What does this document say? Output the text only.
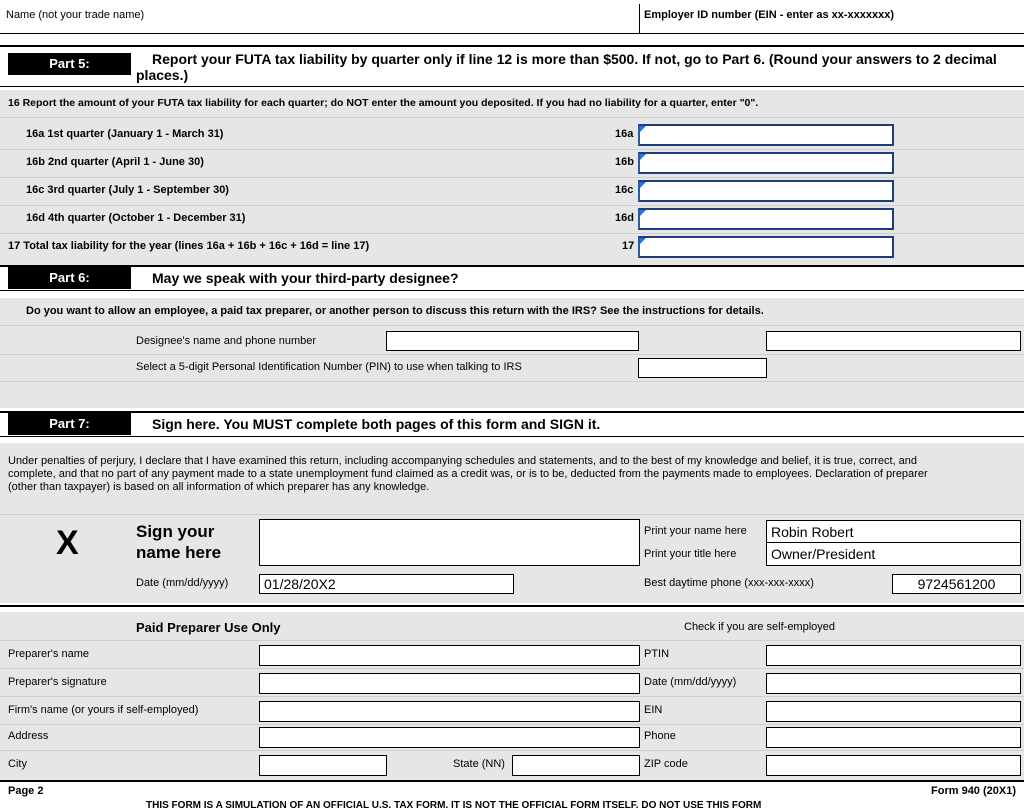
Name (not your trade name)	Employer ID number (EIN - enter as xx-xxxxxxx)
Part 5:	Report your FUTA tax liability by quarter only if line 12 is more than $500. If not, go to Part 6. (Round your answers to 2 decimal
places.)
16 Report the amount of your FUTA tax liability for each quarter; do NOT enter the amount you deposited. If you had no liability for a quarter, enter "0".
16a 1st quarter (January 1 - March 31)	16a
16b 2nd quarter (April 1 - June 30)	16b
16c 3rd quarter (July 1 - September 30)	16c
16d 4th quarter (October 1 - December 31)	16d
17 Total tax liability for the year (lines 16a + 16b + 16c + 16d = line 17)	17
Part 6:	May we speak with your third-party designee?
Do you want to allow an employee, a paid tax preparer, or another person to discuss this return with the IRS? See the instructions for details.
Designee's name and phone number
Select a 5-digit Personal Identification Number (PIN) to use when talking to IRS
Part 7:	Sign here. You MUST complete both pages of this form and SIGN it.
Under penalties of perjury, I declare that I have examined this return, including accompanying schedules and statements, and to the best of my knowledge and belief, it is true, correct, and
complete, and that no part of any payment made to a state unemployment fund claimed as a credit was, or is to be, deducted from the payments made to employees. Declaration of preparer
(other than taxpayer) is based on all information of which preparer has any knowledge.
X	Sign your
name here
Print your name here Robin Robert
Print your title here Owner/President
Date (mm/dd/yyyy)	01/28/20X2	Best daytime phone (xxx-xxx-xxxx)	9724561200
Paid Preparer Use Only	Check if you are self-employed
Preparer's name	PTIN
Preparer's signature	Date (mm/dd/yyyy)
Firm's name (or yours if self-employed)	EIN
Address	Phone
City	State (NN)	ZIP code
Page 2	Form 940 (20X1)
THIS FORM IS A SIMULATION OF AN OFFICIAL U.S. TAX FORM. IT IS NOT THE OFFICIAL FORM ITSELF. DO NOT USE THIS FORM
